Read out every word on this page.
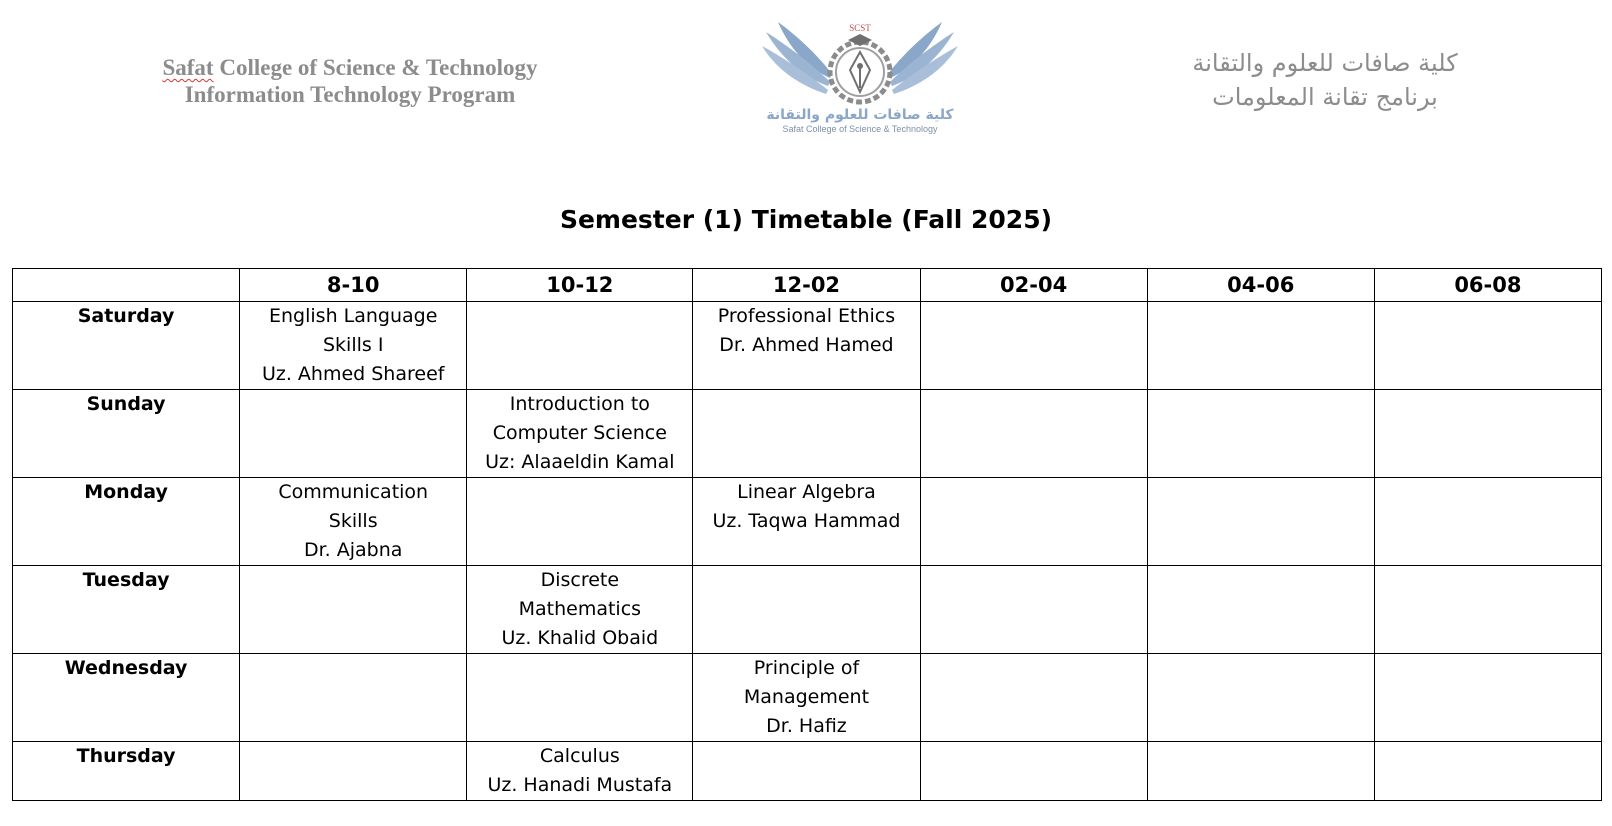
Safat College of Science & Technology
Information Technology Program
SCST
كلية صافات للعلوم والتقانة
Safat College of Science & Technology
كلية صافات للعلوم والتقانة
برنامج تقانة المعلومات
Semester (1) Timetable (Fall 2025)
	8-10	10-12	12-02	02-04	04-06	06-08
Saturday	English Language
Skills I
Uz. Ahmed Shareef		Professional Ethics
Dr. Ahmed Hamed			

Sunday		Introduction to
Computer Science
Uz: Alaaeldin Kamal				

Monday	Communication
Skills
Dr. Ajabna		Linear Algebra
Uz. Taqwa Hammad			

Tuesday		Discrete
Mathematics
Uz. Khalid Obaid				

Wednesday			Principle of
Management
Dr. Hafiz			

Thursday		Calculus
Uz. Hanadi Mustafa				
